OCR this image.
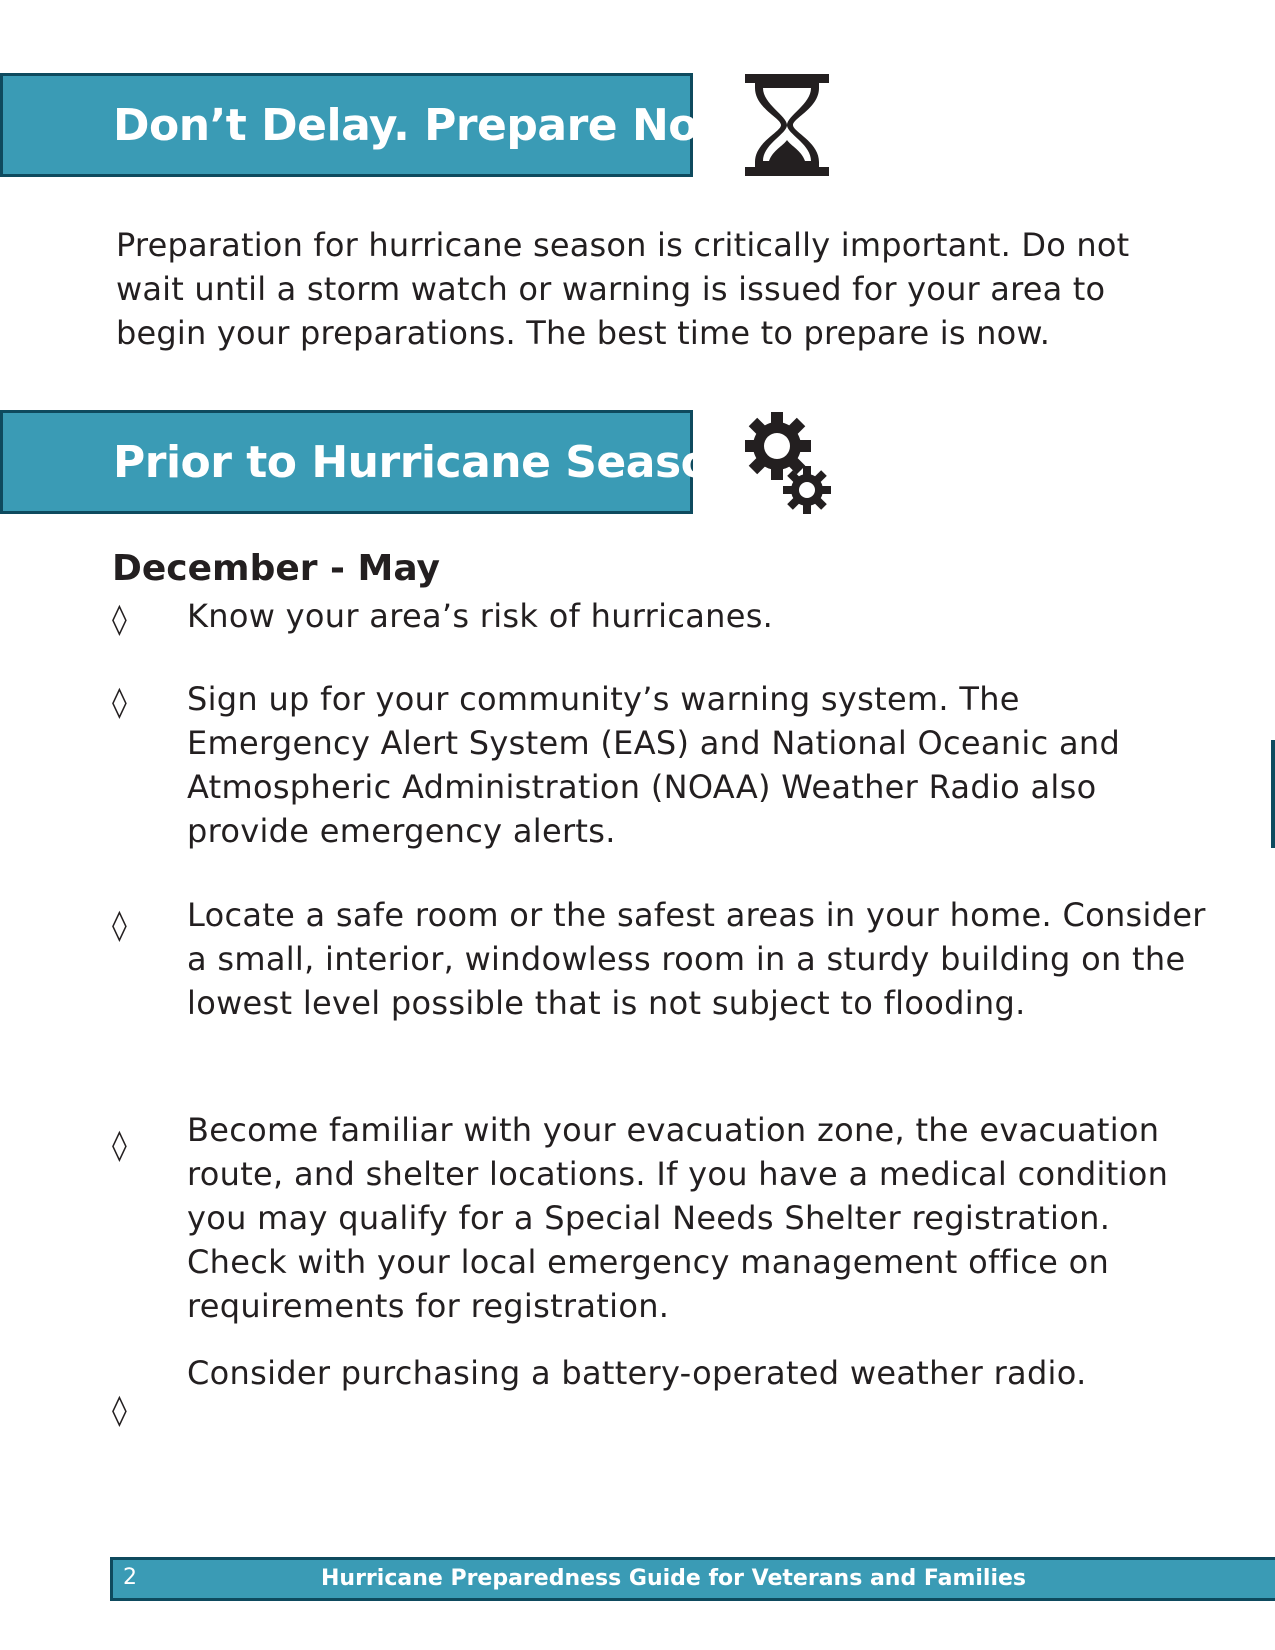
Don’t Delay. Prepare Now

Preparation for hurricane season is critically important. Do not wait until a storm watch or warning is issued for your area to begin your preparations. The best time to prepare is now.

Prior to Hurricane Season
December - May
◊ Know your area’s risk of hurricanes.
◊ Sign up for your community’s warning system. The Emergency Alert System (EAS) and National Oceanic and Atmospheric Administration (NOAA) Weather Radio also provide emergency alerts.
◊ Locate a safe room or the safest areas in your home. Consider a small, interior, windowless room in a sturdy building on the lowest level possible that is not subject to flooding.
◊ Become familiar with your evacuation zone, the evacuation route, and shelter locations. If you have a medical condition you may qualify for a Special Needs Shelter registration. Check with your local emergency management office on requirements for registration.
◊
Consider purchasing a battery-operated weather radio.
2	Hurricane Preparedness Guide for Veterans and Families
